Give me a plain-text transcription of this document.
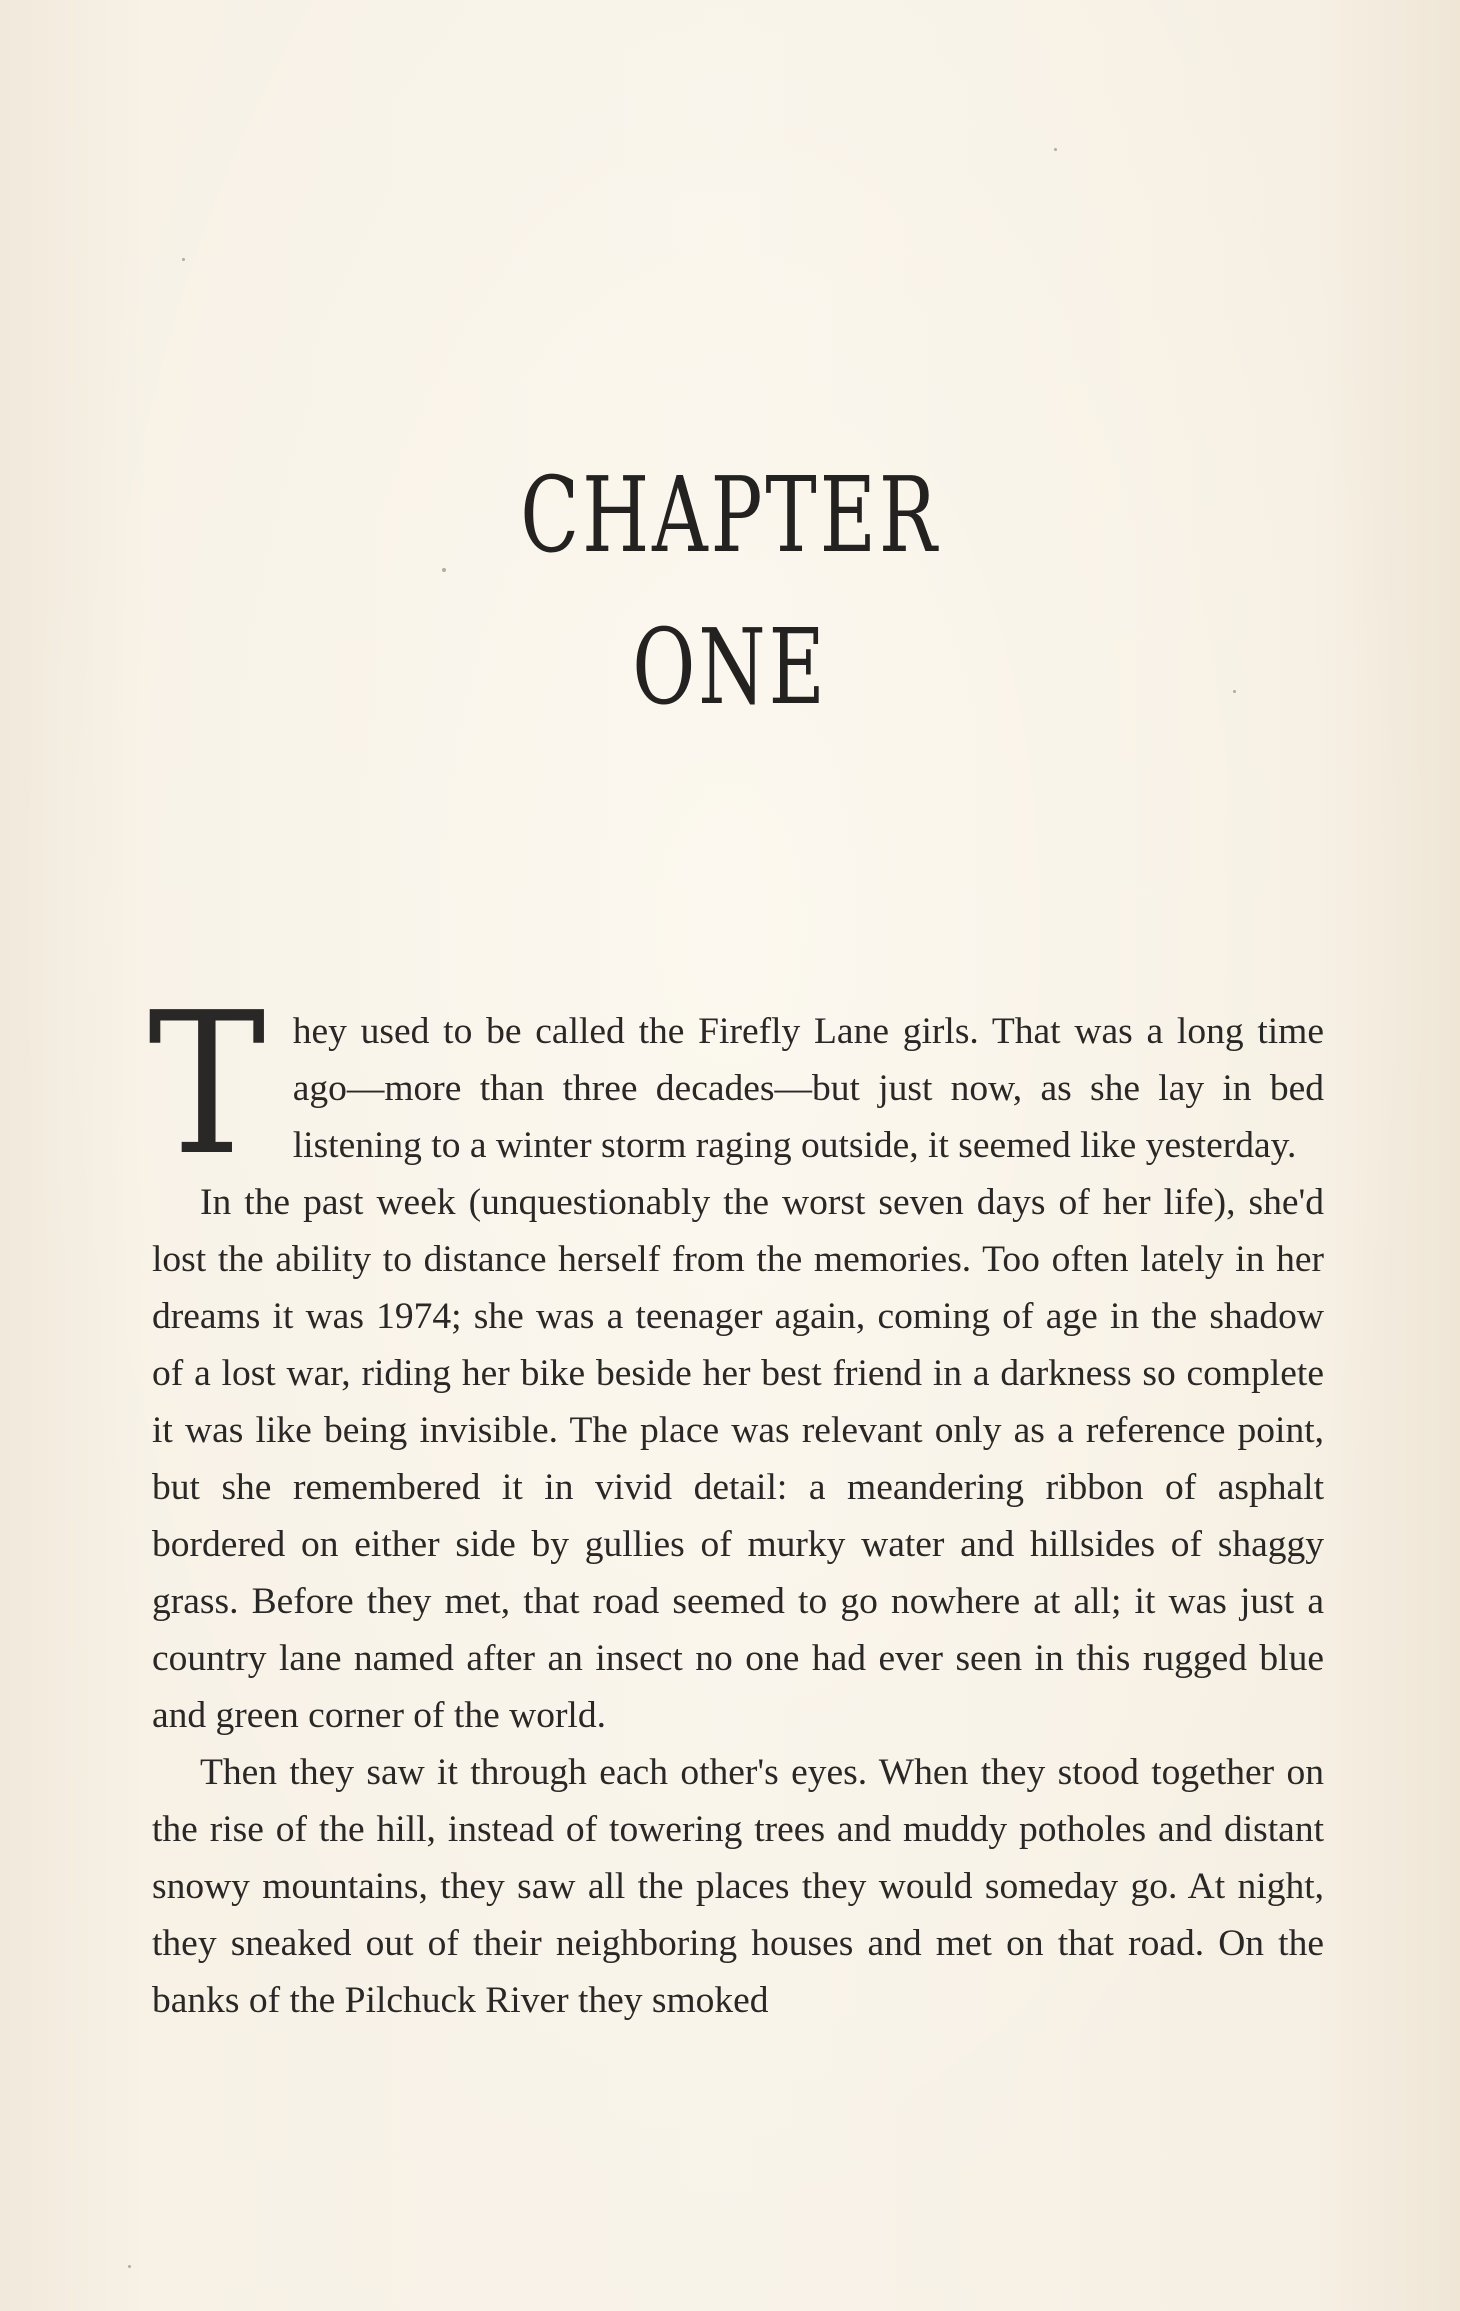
CHAPTER
ONE

They used to be called the Firefly Lane girls. That was a long time ago—more than three decades—but just now, as she lay in bed listening to a winter storm raging outside, it seemed like yesterday.

In the past week (unquestionably the worst seven days of her life), she'd lost the ability to distance herself from the memories. Too often lately in her dreams it was 1974; she was a teenager again, coming of age in the shadow of a lost war, riding her bike beside her best friend in a darkness so complete it was like being invisible. The place was relevant only as a reference point, but she remembered it in vivid detail: a meandering ribbon of asphalt bordered on either side by gullies of murky water and hillsides of shaggy grass. Before they met, that road seemed to go nowhere at all; it was just a country lane named after an insect no one had ever seen in this rugged blue and green corner of the world.

Then they saw it through each other's eyes. When they stood together on the rise of the hill, instead of towering trees and muddy potholes and distant snowy mountains, they saw all the places they would someday go. At night, they sneaked out of their neighboring houses and met on that road. On the banks of the Pilchuck River they smoked
